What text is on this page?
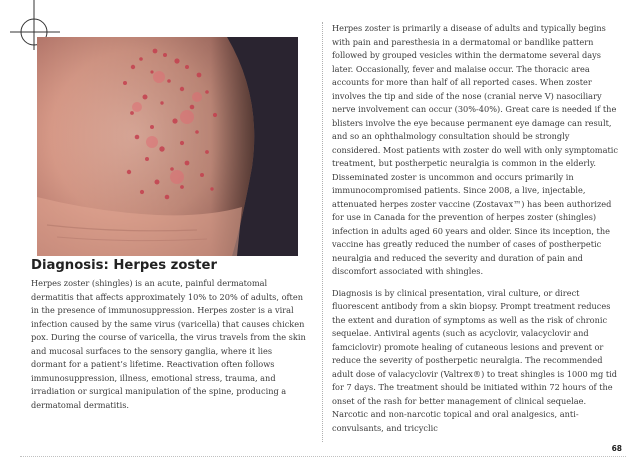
Diagnosis: Herpes zoster

Herpes zoster (shingles) is an acute, painful dermatomal dermatitis that affects approximately 10% to 20% of adults, often in the presence of immunosuppression. Herpes zoster is a viral infection caused by the same virus (varicella) that causes chicken pox. During the course of varicella, the virus travels from the skin and mucosal surfaces to the sensory ganglia, where it lies dormant for a patient’s lifetime. Reactivation often follows immunosuppression, illness, emotional stress, trauma, and irradiation or surgical manipulation of the spine, producing a dermatomal dermatitis.

Herpes zoster is primarily a disease of adults and typically begins with pain and paresthesia in a dermatomal or bandlike pattern followed by grouped vesicles within the dermatome several days later. Occasionally, fever and malaise occur. The thoracic area accounts for more than half of all reported cases. When zoster involves the tip and side of the nose (cranial nerve V) nasociliary nerve involvement can occur (30%-40%). Great care is needed if the blisters involve the eye because permanent eye damage can result, and so an ophthalmology consultation should be strongly considered. Most patients with zoster do well with only symptomatic treatment, but postherpetic neuralgia is common in the elderly. Disseminated zoster is uncommon and occurs primarily in immunocompromised patients. Since 2008, a live, injectable, attenuated herpes zoster vaccine (Zostavax™) has been authorized for use in Canada for the prevention of herpes zoster (shingles) infection in adults aged 60 years and older. Since its inception, the vaccine has greatly reduced the number of cases of postherpetic neuralgia and reduced the severity and duration of pain and discomfort associated with shingles.

Diagnosis is by clinical presentation, viral culture, or direct fluorescent antibody from a skin biopsy. Prompt treatment reduces the extent and duration of symptoms as well as the risk of chronic sequelae. Antiviral agents (such as acyclovir, valacyclovir and famciclovir) promote healing of cutaneous lesions and prevent or reduce the severity of postherpetic neuralgia. The recommended adult dose of valacyclovir (Valtrex®) to treat shingles is 1000 mg tid for 7 days. The treatment should be initiated within 72 hours of the onset of the rash for better management of clinical sequelae. Narcotic and non-narcotic topical and oral analgesics, anti-convulsants, and tricyclic

68
